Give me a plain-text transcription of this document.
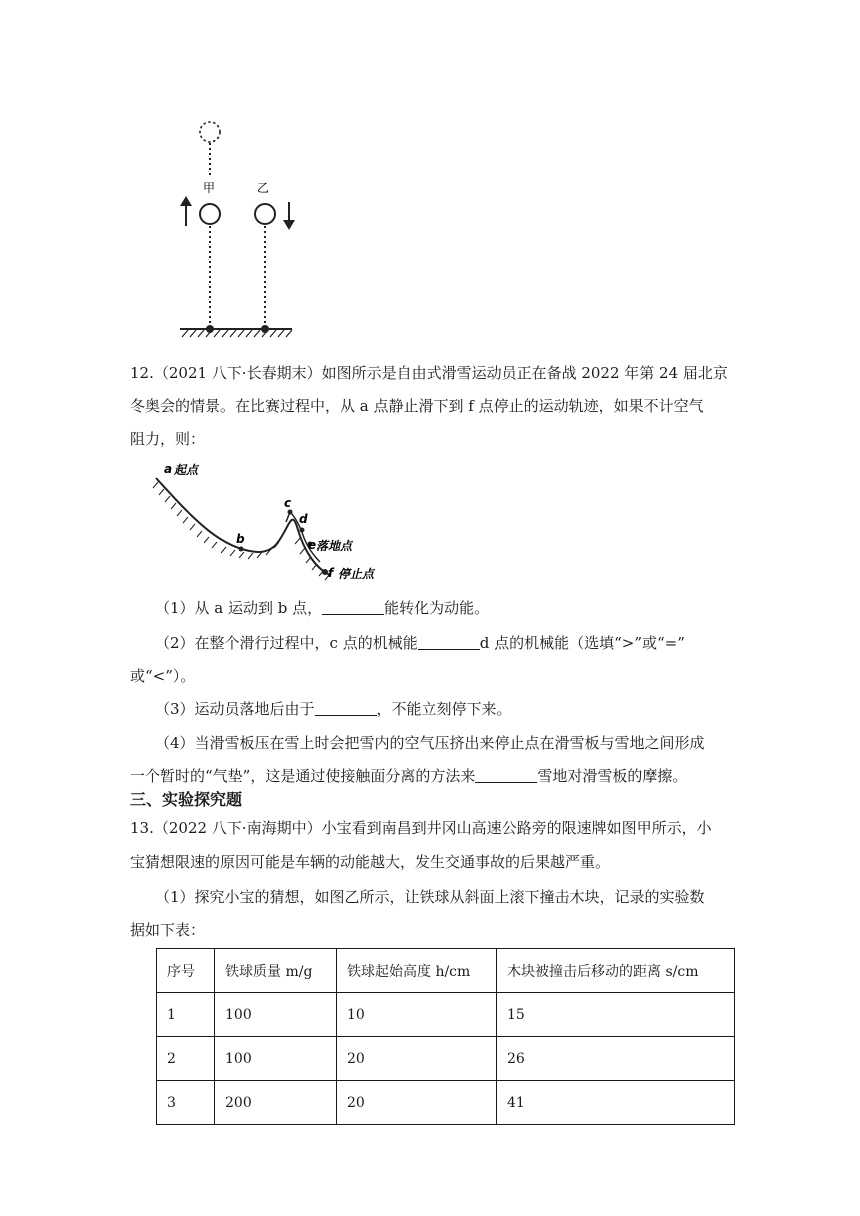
甲	乙
12.（2021 八下·长春期末）如图所示是自由式滑雪运动员正在备战 2022 年第 24 届北京
冬奥会的情景。在比赛过程中，从 a 点静止滑下到 f 点停止的运动轨迹，如果不计空气
阻力，则：
a 起点
b
c
d
e 落地点
f 停止点
（1）从 a 运动到 b 点，	能转化为动能。
（2）在整个滑行过程中，c 点的机械能	d 点的机械能（选填“>”或“=”
或“<”）。
（3）运动员落地后由于	，不能立刻停下来。
（4）当滑雪板压在雪上时会把雪内的空气压挤出来停止点在滑雪板与雪地之间形成
一个暂时的“气垫”，这是通过使接触面分离的方法来	雪地对滑雪板的摩擦。
三、实验探究题
13.（2022 八下·南海期中）小宝看到南昌到井冈山高速公路旁的限速牌如图甲所示，小
宝猜想限速的原因可能是车辆的动能越大，发生交通事故的后果越严重。
（1）探究小宝的猜想，如图乙所示，让铁球从斜面上滚下撞击木块，记录的实验数
据如下表：
序号	铁球质量 m/g	铁球起始高度 h/cm	木块被撞击后移动的距离 s/cm
1	100	10	15
2	100	20	26
3	200	20	41
